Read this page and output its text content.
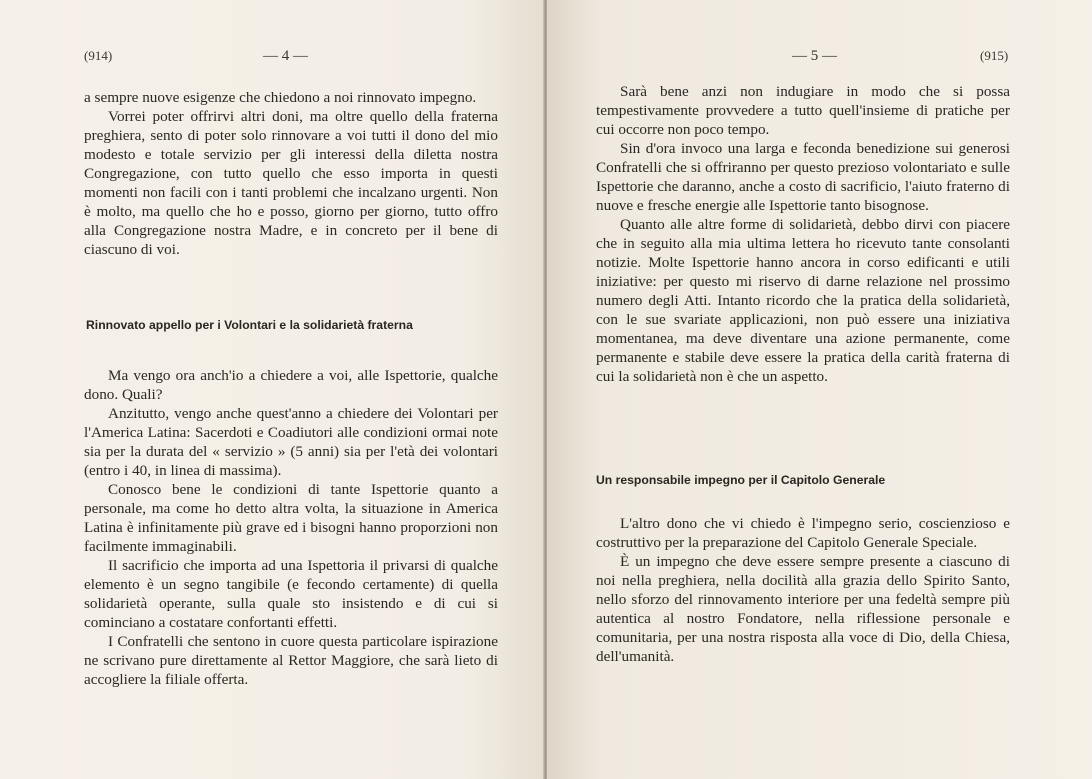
(914)	— 4 —

a sempre nuove esigenze che chiedono a noi rinnovato impegno.

Vorrei poter offrirvi altri doni, ma oltre quello della fraterna preghiera, sento di poter solo rinnovare a voi tutti il dono del mio modesto e totale servizio per gli interessi della diletta nostra Congregazione, con tutto quello che esso importa in questi momenti non facili con i tanti problemi che incalzano urgenti. Non è molto, ma quello che ho e posso, giorno per giorno, tutto offro alla Congregazione nostra Madre, e in concreto per il bene di ciascuno di voi.

Rinnovato appello per i Volontari e la solidarietà fraterna

Ma vengo ora anch'io a chiedere a voi, alle Ispettorie, qualche dono. Quali?

Anzitutto, vengo anche quest'anno a chiedere dei Volontari per l'America Latina: Sacerdoti e Coadiutori alle condizioni ormai note sia per la durata del « servizio » (5 anni) sia per l'età dei volontari (entro i 40, in linea di massima).

Conosco bene le condizioni di tante Ispettorie quanto a personale, ma come ho detto altra volta, la situazione in America Latina è infinitamente più grave ed i bisogni hanno proporzioni non facilmente immaginabili.

Il sacrificio che importa ad una Ispettoria il privarsi di qualche elemento è un segno tangibile (e fecondo certamente) di quella solidarietà operante, sulla quale sto insistendo e di cui si cominciano a costatare confortanti effetti.

I Confratelli che sentono in cuore questa particolare ispirazione ne scrivano pure direttamente al Rettor Maggiore, che sarà lieto di accogliere la filiale offerta.

— 5 —	(915)

Sarà bene anzi non indugiare in modo che si possa tempestivamente provvedere a tutto quell'insieme di pratiche per cui occorre non poco tempo.

Sin d'ora invoco una larga e feconda benedizione sui generosi Confratelli che si offriranno per questo prezioso volontariato e sulle Ispettorie che daranno, anche a costo di sacrificio, l'aiuto fraterno di nuove e fresche energie alle Ispettorie tanto bisognose.

Quanto alle altre forme di solidarietà, debbo dirvi con piacere che in seguito alla mia ultima lettera ho ricevuto tante consolanti notizie. Molte Ispettorie hanno ancora in corso edificanti e utili iniziative: per questo mi riservo di darne relazione nel prossimo numero degli Atti. Intanto ricordo che la pratica della solidarietà, con le sue svariate applicazioni, non può essere una iniziativa momentanea, ma deve diventare una azione permanente, come permanente e stabile deve essere la pratica della carità fraterna di cui la solidarietà non è che un aspetto.

Un responsabile impegno per il Capitolo Generale

L'altro dono che vi chiedo è l'impegno serio, coscienzioso e costruttivo per la preparazione del Capitolo Generale Speciale.

È un impegno che deve essere sempre presente a ciascuno di noi nella preghiera, nella docilità alla grazia dello Spirito Santo, nello sforzo del rinnovamento interiore per una fedeltà sempre più autentica al nostro Fondatore, nella riflessione personale e comunitaria, per una nostra risposta alla voce di Dio, della Chiesa, dell'umanità.
